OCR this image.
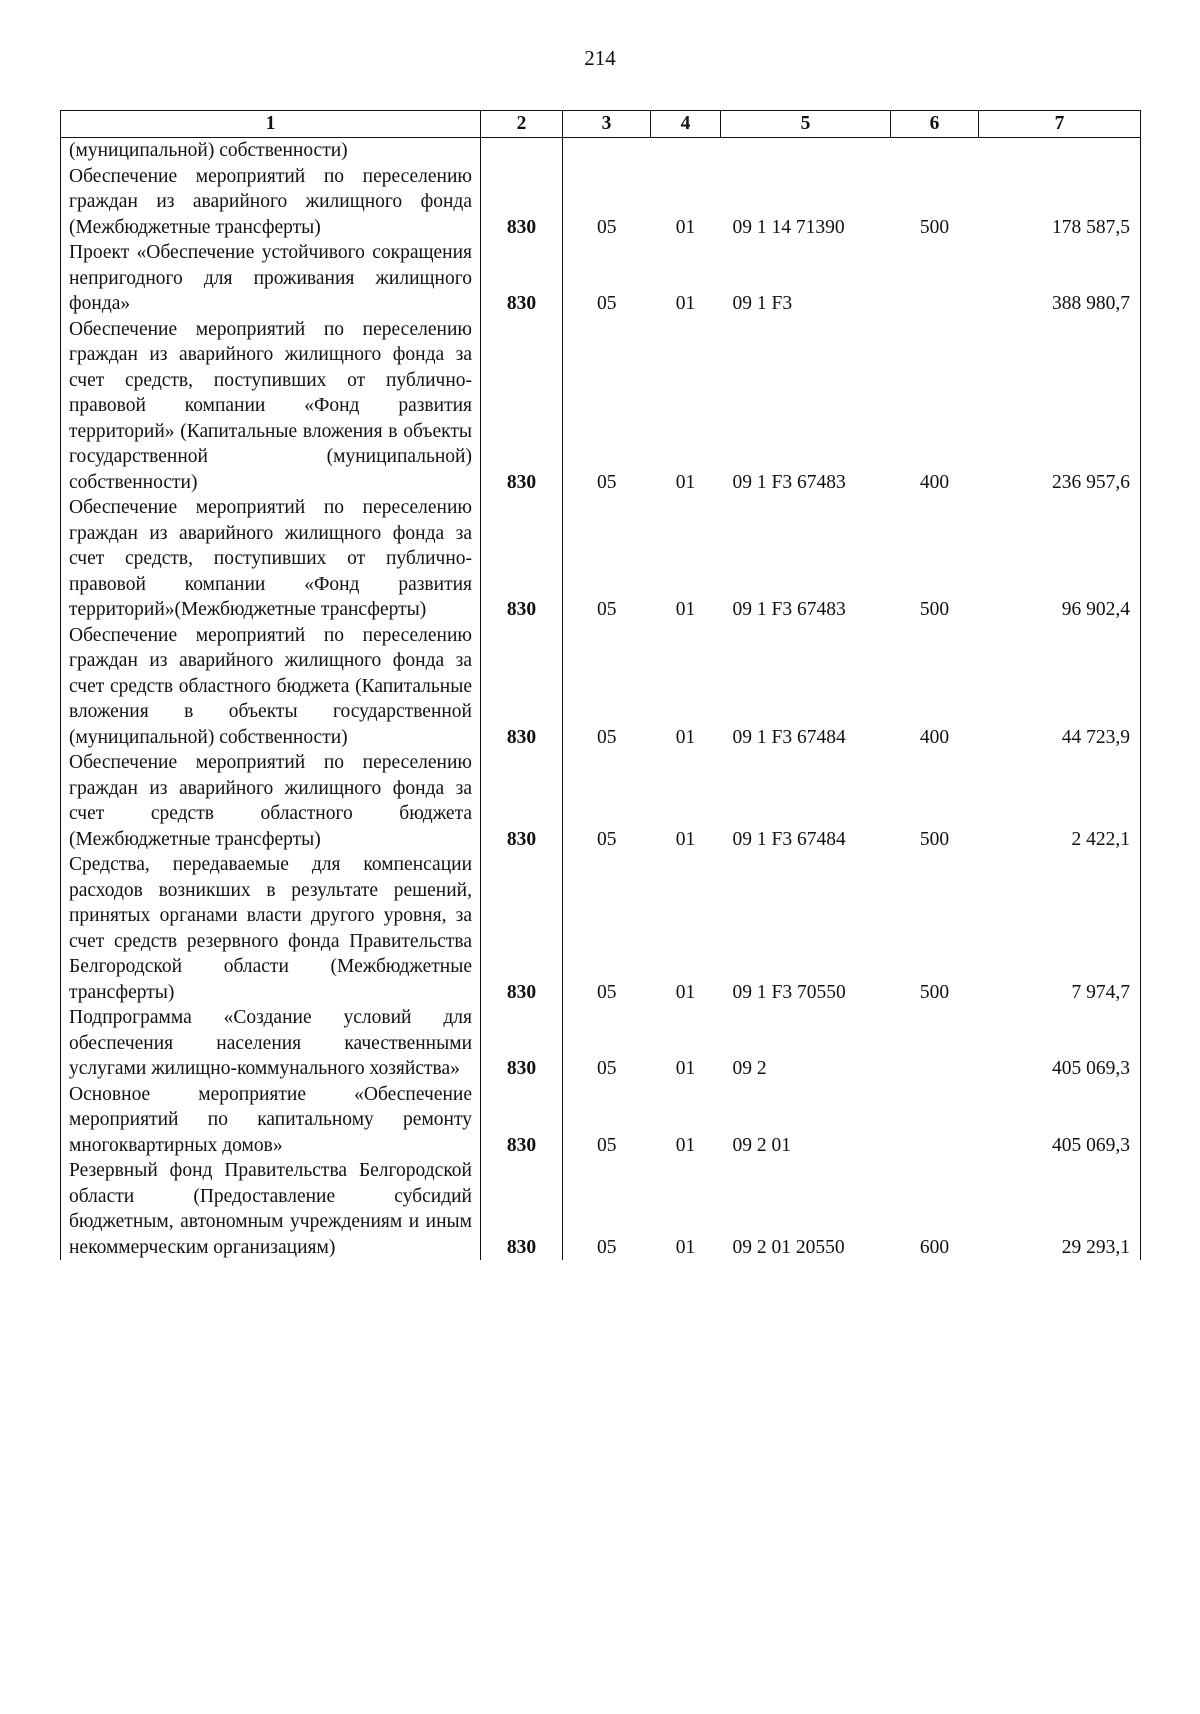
214
1	2	3	4	5	6	7
(муниципальной) собственности)						
Обеспечение мероприятий по переселению граждан из аварийного жилищного фонда (Межбюджетные трансферты)	830	05	01	09 1 14 71390	500	178 587,5
Проект «Обеспечение устойчивого сокращения непригодного для проживания жилищного фонда»	830	05	01	09 1 F3		388 980,7
Обеспечение мероприятий по переселению граждан из аварийного жилищного фонда за счет средств, поступивших от публично-правовой компании «Фонд развития территорий» (Капитальные вложения в объекты государственной (муниципальной) собственности)	830	05	01	09 1 F3 67483	400	236 957,6
Обеспечение мероприятий по переселению граждан из аварийного жилищного фонда за счет средств, поступивших от публично-правовой компании «Фонд развития территорий»(Межбюджетные трансферты)	830	05	01	09 1 F3 67483	500	96 902,4
Обеспечение мероприятий по переселению граждан из аварийного жилищного фонда за счет средств областного бюджета (Капитальные вложения в объекты государственной (муниципальной) собственности)	830	05	01	09 1 F3 67484	400	44 723,9
Обеспечение мероприятий по переселению граждан из аварийного жилищного фонда за счет средств областного бюджета (Межбюджетные трансферты)	830	05	01	09 1 F3 67484	500	2 422,1
Средства, передаваемые для компенсации расходов возникших в результате решений, принятых органами власти другого уровня, за счет средств резервного фонда Правительства Белгородской области (Межбюджетные трансферты)	830	05	01	09 1 F3 70550	500	7 974,7
Подпрограмма «Создание условий для обеспечения населения качественными услугами жилищно-коммунального хозяйства»	830	05	01	09 2		405 069,3
Основное мероприятие «Обеспечение мероприятий по капитальному ремонту многоквартирных домов»	830	05	01	09 2 01		405 069,3
Резервный фонд Правительства Белгородской области (Предоставление субсидий бюджетным, автономным учреждениям и иным некоммерческим организациям)	830	05	01	09 2 01 20550	600	29 293,1
